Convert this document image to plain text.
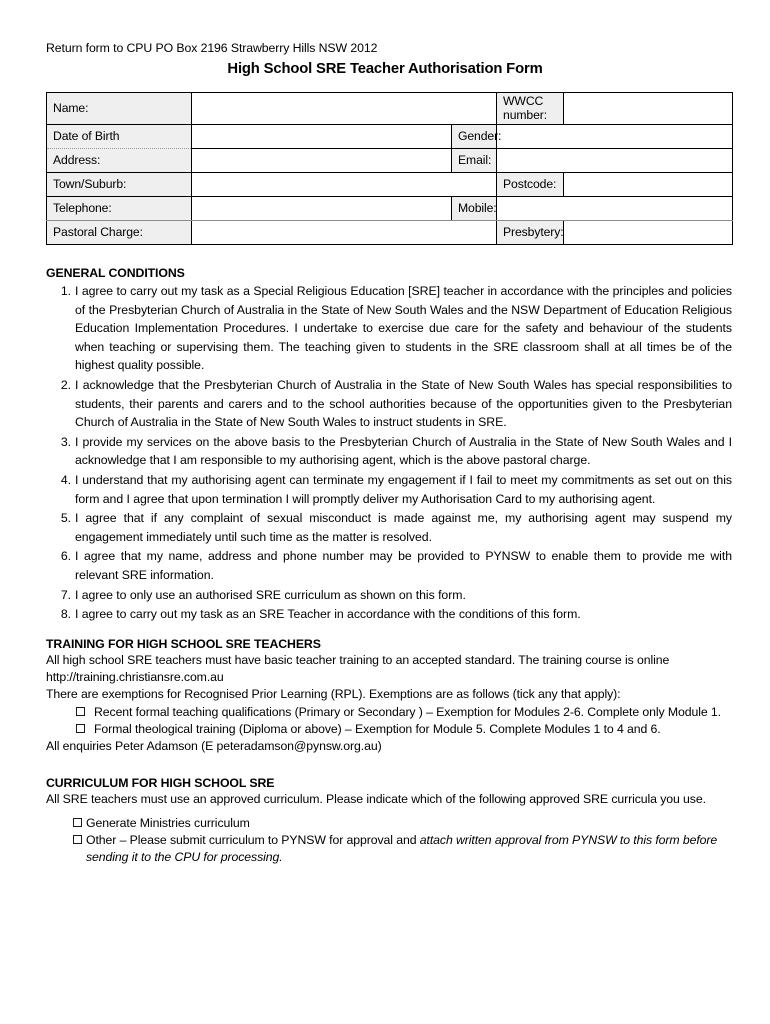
Return form to CPU PO Box 2196 Strawberry Hills NSW 2012
High School SRE Teacher Authorisation Form
Name:			WWCC number:	
Date of Birth		Gender:		
Address:		Email:		
Town/Suburb:			Postcode:	
Telephone:		Mobile:		
Pastoral Charge:			Presbytery:	
GENERAL CONDITIONS
1. I agree to carry out my task as a Special Religious Education [SRE] teacher in accordance with the principles and policies of the Presbyterian Church of Australia in the State of New South Wales and the NSW Department of Education Religious Education Implementation Procedures. I undertake to exercise due care for the safety and behaviour of the students when teaching or supervising them. The teaching given to students in the SRE classroom shall at all times be of the highest quality possible.
2. I acknowledge that the Presbyterian Church of Australia in the State of New South Wales has special responsibilities to students, their parents and carers and to the school authorities because of the opportunities given to the Presbyterian Church of Australia in the State of New South Wales to instruct students in SRE.
3. I provide my services on the above basis to the Presbyterian Church of Australia in the State of New South Wales and I acknowledge that I am responsible to my authorising agent, which is the above pastoral charge.
4. I understand that my authorising agent can terminate my engagement if I fail to meet my commitments as set out on this form and I agree that upon termination I will promptly deliver my Authorisation Card to my authorising agent.
5. I agree that if any complaint of sexual misconduct is made against me, my authorising agent may suspend my engagement immediately until such time as the matter is resolved.
6. I agree that my name, address and phone number may be provided to PYNSW to enable them to provide me with relevant SRE information.
7. I agree to only use an authorised SRE curriculum as shown on this form.
8. I agree to carry out my task as an SRE Teacher in accordance with the conditions of this form.
TRAINING FOR HIGH SCHOOL SRE TEACHERS
All high school SRE teachers must have basic teacher training to an accepted standard. The training course is online
http://training.christiansre.com.au
There are exemptions for Recognised Prior Learning (RPL). Exemptions are as follows (tick any that apply):
Recent formal teaching qualifications (Primary or Secondary ) – Exemption for Modules 2-6. Complete only Module 1.
Formal theological training (Diploma or above) – Exemption for Module 5. Complete Modules 1 to 4 and 6.
All enquiries Peter Adamson (E peteradamson@pynsw.org.au)
CURRICULUM FOR HIGH SCHOOL SRE
All SRE teachers must use an approved curriculum. Please indicate which of the following approved SRE curricula you use.
Generate Ministries curriculum
Other – Please submit curriculum to PYNSW for approval and attach written approval from PYNSW to this form before sending it to the CPU for processing.
